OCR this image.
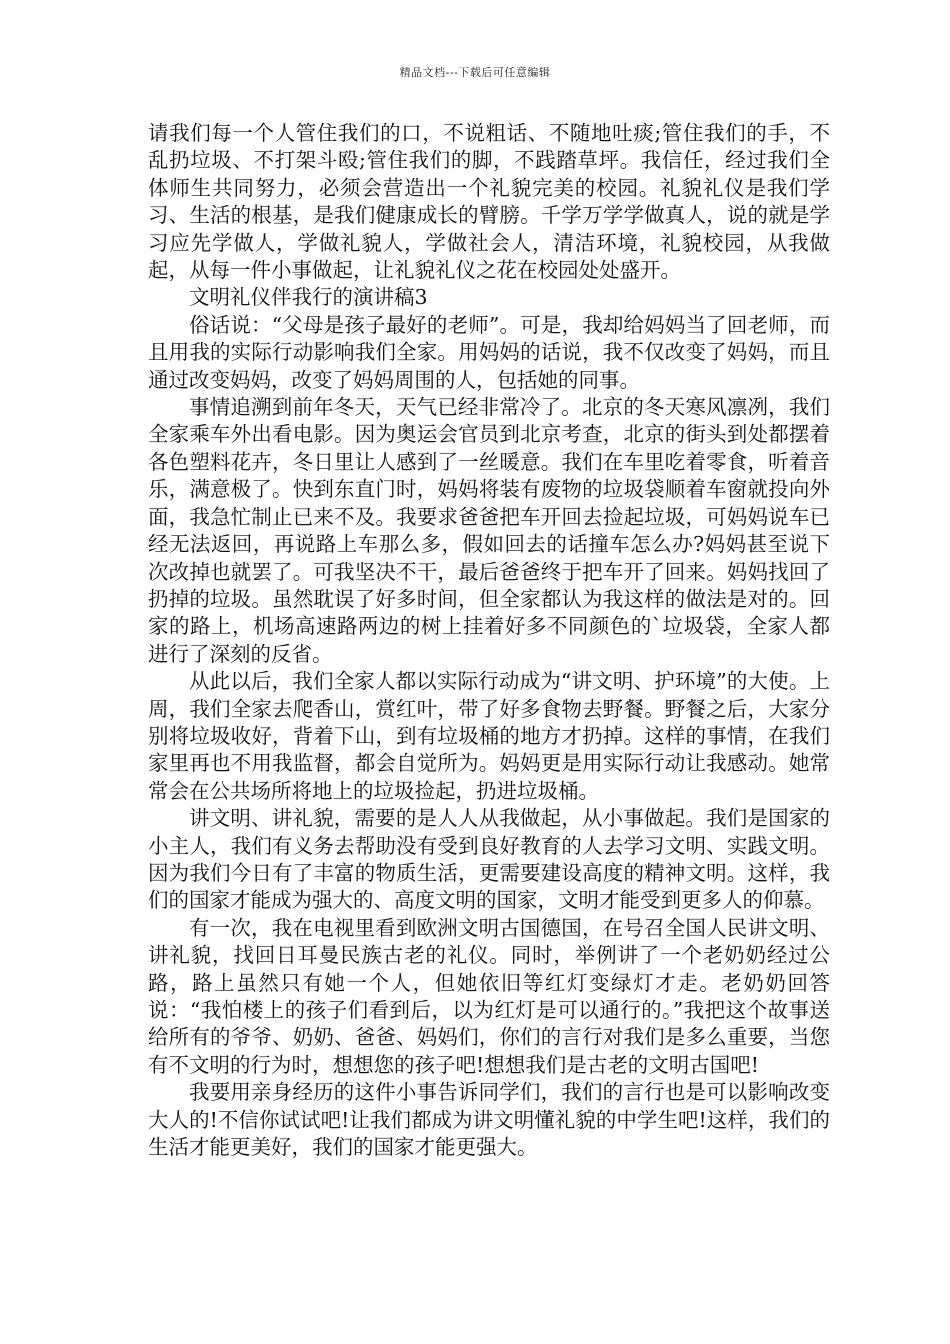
精品文档---下载后可任意编辑

请我们每一个人管住我们的口，不说粗话、不随地吐痰;管住我们的手，不乱扔垃圾、不打架斗殴;管住我们的脚，不践踏草坪。我信任，经过我们全体师生共同努力，必须会营造出一个礼貌完美的校园。礼貌礼仪是我们学习、生活的根基，是我们健康成长的臂膀。千学万学学做真人，说的就是学习应先学做人，学做礼貌人，学做社会人，清洁环境，礼貌校园，从我做起，从每一件小事做起，让礼貌礼仪之花在校园处处盛开。

文明礼仪伴我行的演讲稿3

俗话说：“父母是孩子最好的老师”。可是，我却给妈妈当了回老师，而且用我的实际行动影响我们全家。用妈妈的话说，我不仅改变了妈妈，而且通过改变妈妈，改变了妈妈周围的人，包括她的同事。

事情追溯到前年冬天，天气已经非常冷了。北京的冬天寒风凛冽，我们全家乘车外出看电影。因为奥运会官员到北京考查，北京的街头到处都摆着各色塑料花卉，冬日里让人感到了一丝暖意。我们在车里吃着零食，听着音乐，满意极了。快到东直门时，妈妈将装有废物的垃圾袋顺着车窗就投向外面，我急忙制止已来不及。我要求爸爸把车开回去捡起垃圾，可妈妈说车已经无法返回，再说路上车那么多，假如回去的话撞车怎么办?妈妈甚至说下次改掉也就罢了。可我坚决不干，最后爸爸终于把车开了回来。妈妈找回了扔掉的垃圾。虽然耽误了好多时间，但全家都认为我这样的做法是对的。回家的路上，机场高速路两边的树上挂着好多不同颜色的`垃圾袋，全家人都进行了深刻的反省。

从此以后，我们全家人都以实际行动成为“讲文明、护环境”的大使。上周，我们全家去爬香山，赏红叶，带了好多食物去野餐。野餐之后，大家分别将垃圾收好，背着下山，到有垃圾桶的地方才扔掉。这样的事情，在我们家里再也不用我监督，都会自觉所为。妈妈更是用实际行动让我感动。她常常会在公共场所将地上的垃圾捡起，扔进垃圾桶。

讲文明、讲礼貌，需要的是人人从我做起，从小事做起。我们是国家的小主人，我们有义务去帮助没有受到良好教育的人去学习文明、实践文明。因为我们今日有了丰富的物质生活，更需要建设高度的精神文明。这样，我们的国家才能成为强大的、高度文明的国家，文明才能受到更多人的仰慕。

有一次，我在电视里看到欧洲文明古国德国，在号召全国人民讲文明、讲礼貌，找回日耳曼民族古老的礼仪。同时，举例讲了一个老奶奶经过公路，路上虽然只有她一个人，但她依旧等红灯变绿灯才走。老奶奶回答说：“我怕楼上的孩子们看到后，以为红灯是可以通行的。”我把这个故事送给所有的爷爷、奶奶、爸爸、妈妈们，你们的言行对我们是多么重要，当您有不文明的行为时，想想您的孩子吧!想想我们是古老的文明古国吧!

我要用亲身经历的这件小事告诉同学们，我们的言行也是可以影响改变大人的!不信你试试吧!让我们都成为讲文明懂礼貌的中学生吧!这样，我们的生活才能更美好，我们的国家才能更强大。
